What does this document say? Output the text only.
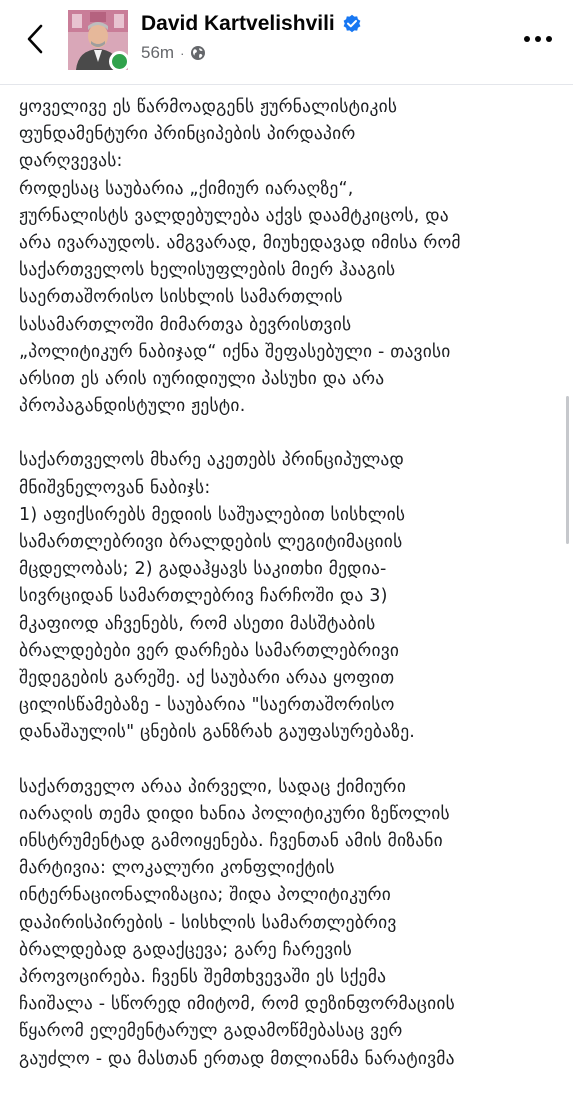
David Kartvelishvili
56m ·
ყოველივე ეს წარმოადგენს ჟურნალისტიკის
ფუნდამენტური პრინციპების პირდაპირ
დარღვევას:
როდესაც საუბარია „ქიმიურ იარაღზე“,
ჟურნალისტს ვალდებულება აქვს დაამტკიცოს, და
არა ივარაუდოს. ამგვარად, მიუხედავად იმისა რომ
საქართველოს ხელისუფლების მიერ ჰააგის
საერთაშორისო სისხლის სამართლის
სასამართლოში მიმართვა ბევრისთვის
„პოლიტიკურ ნაბიჯად“ იქნა შეფასებული - თავისი
არსით ეს არის იურიდიული პასუხი და არა
პროპაგანდისტული ჟესტი.
საქართველოს მხარე აკეთებს პრინციპულად
მნიშვნელოვან ნაბიჯს:
1) აფიქსირებს მედიის საშუალებით სისხლის
სამართლებრივი ბრალდების ლეგიტიმაციის
მცდელობას; 2) გადაჰყავს საკითხი მედია-
სივრციდან სამართლებრივ ჩარჩოში და 3)
მკაფიოდ აჩვენებს, რომ ასეთი მასშტაბის
ბრალდებები ვერ დარჩება სამართლებრივი
შედეგების გარეშე. აქ საუბარი არაა ყოფით
ცილისწამებაზე - საუბარია "საერთაშორისო
დანაშაულის" ცნების განზრახ გაუფასურებაზე.
საქართველო არაა პირველი, სადაც ქიმიური
იარაღის თემა დიდი ხანია პოლიტიკური ზეწოლის
ინსტრუმენტად გამოიყენება. ჩვენთან ამის მიზანი
მარტივია: ლოკალური კონფლიქტის
ინტერნაციონალიზაცია; შიდა პოლიტიკური
დაპირისპირების - სისხლის სამართლებრივ
ბრალდებად გადაქცევა; გარე ჩარევის
პროვოცირება. ჩვენს შემთხვევაში ეს სქემა
ჩაიშალა - სწორედ იმიტომ, რომ დეზინფორმაციის
წყარომ ელემენტარულ გადამოწმებასაც ვერ
გაუძლო - და მასთან ერთად მთლიანმა ნარატივმა
